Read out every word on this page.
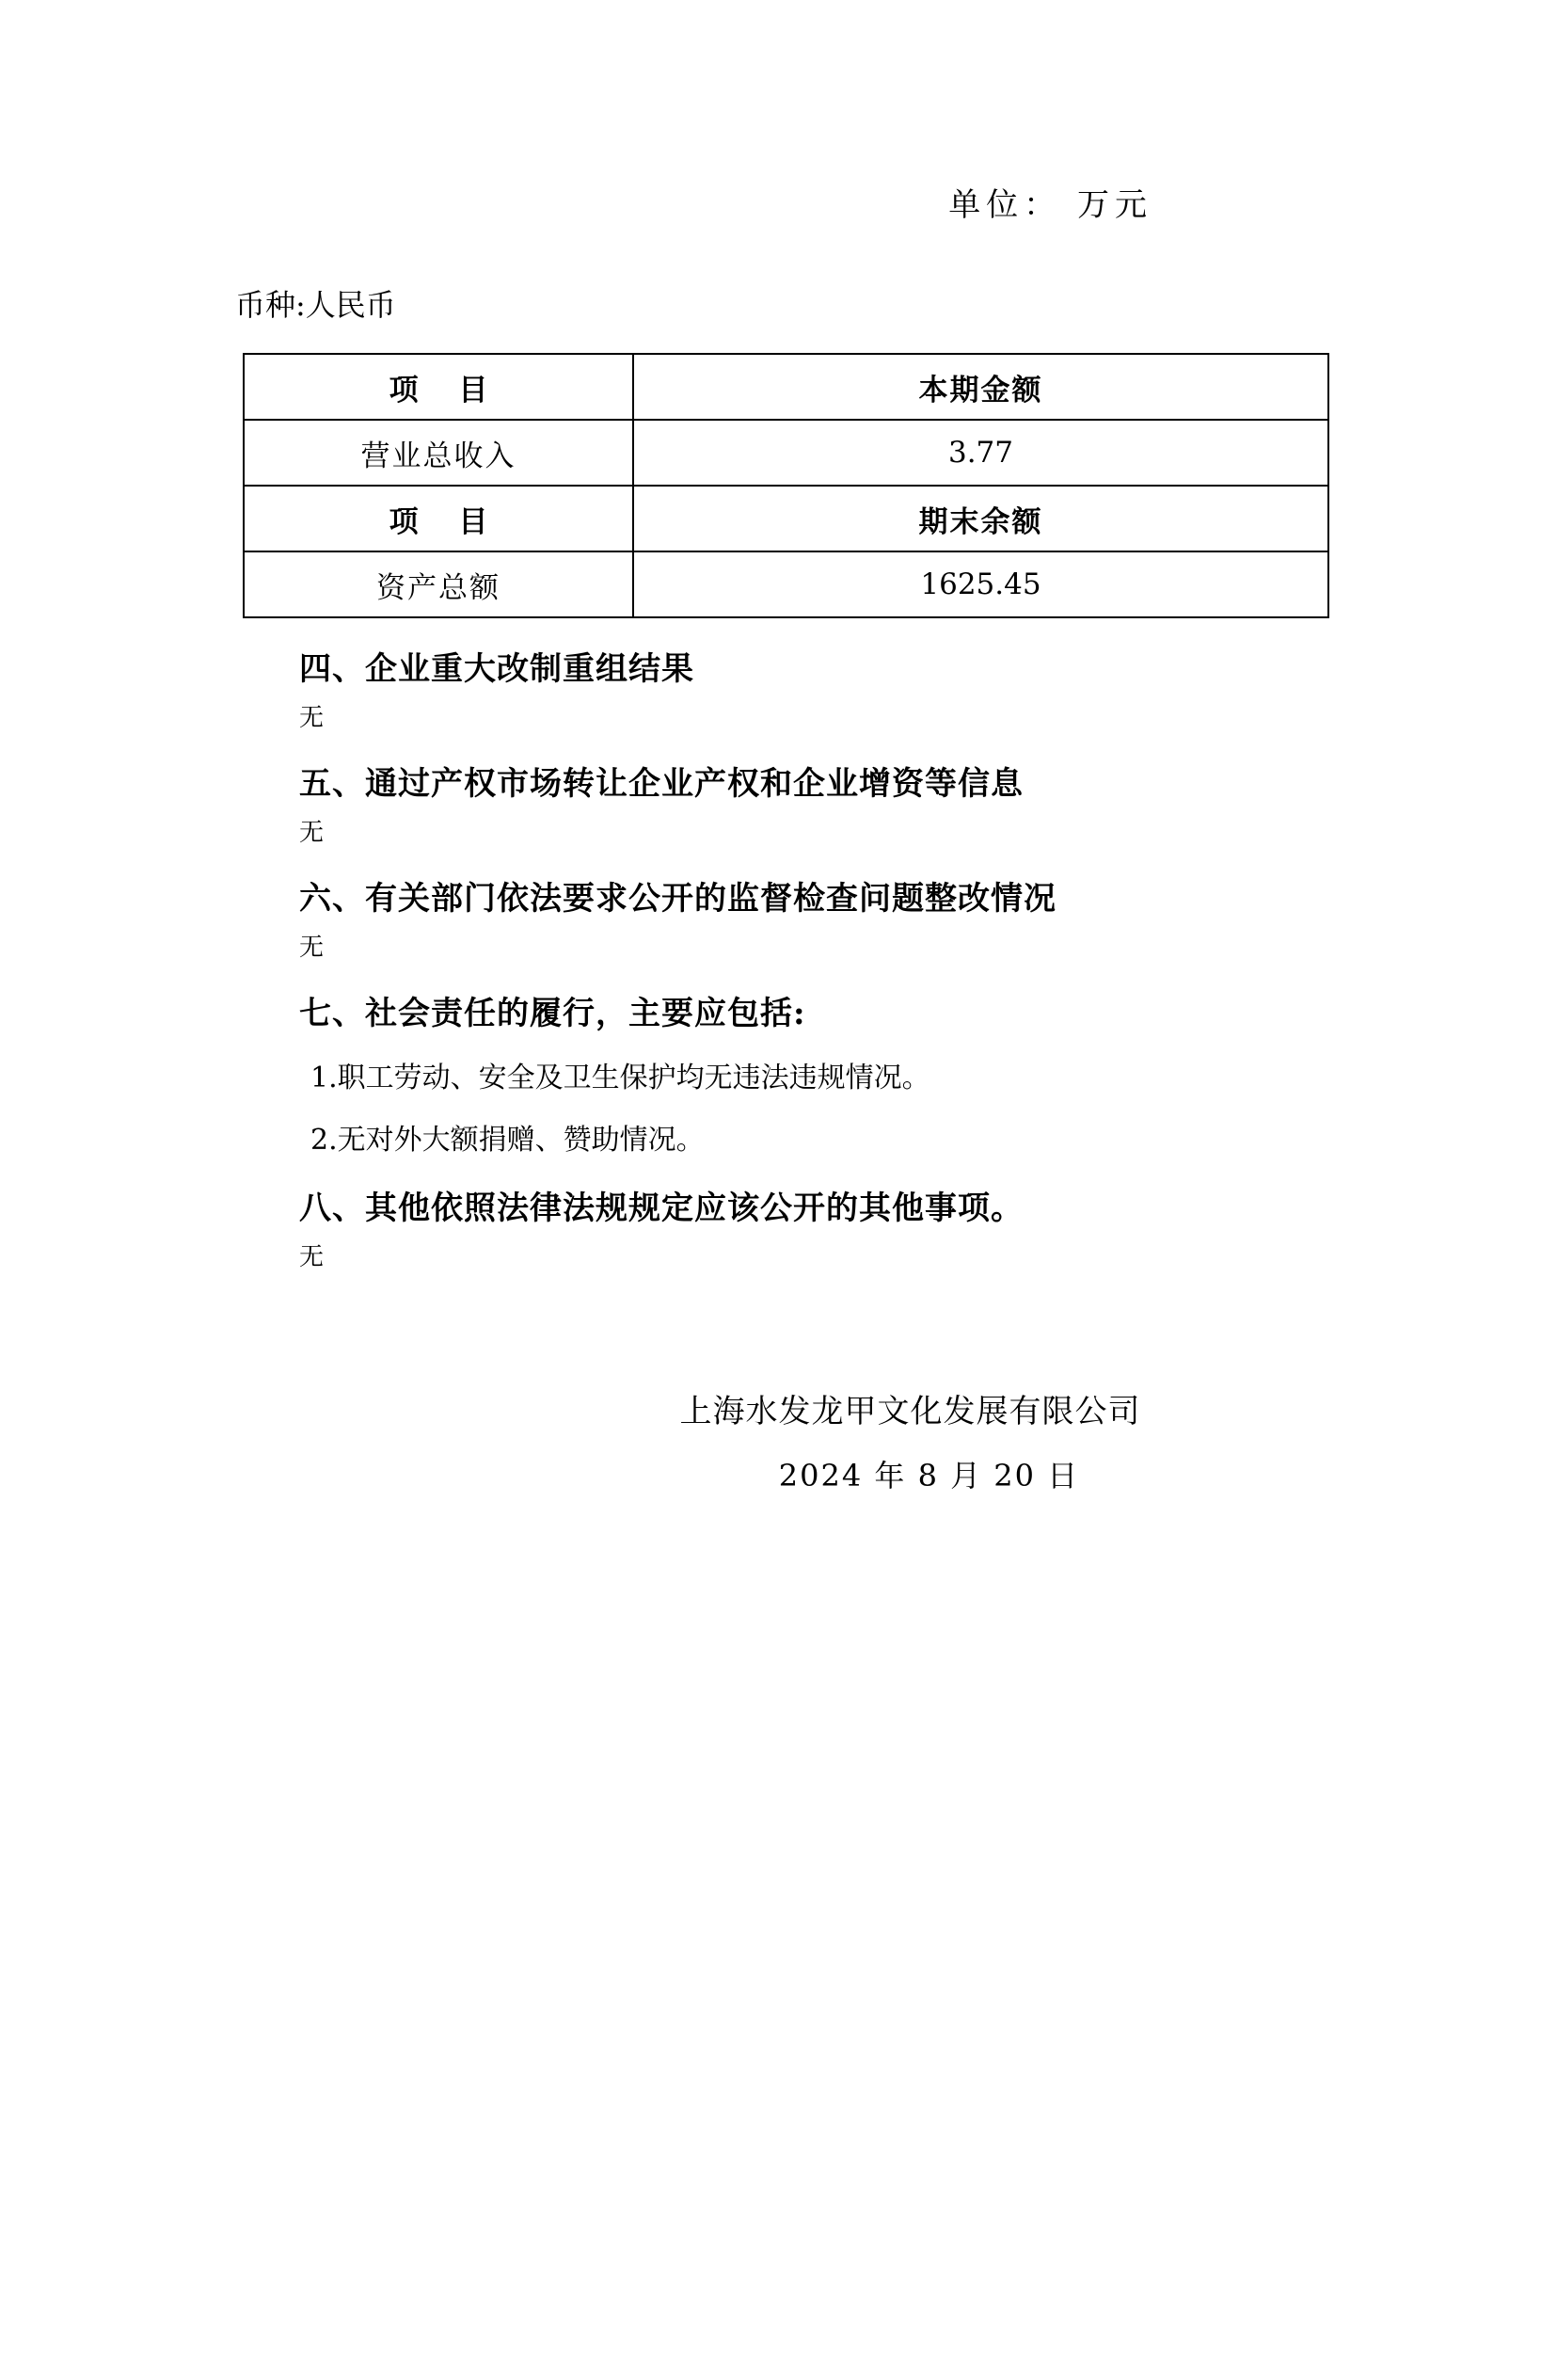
单位： 万元
币种:人民币
项 目	本期金额
营业总收入	3.77
项 目	期末余额
资产总额	1625.45
四、企业重大改制重组结果
无
五、通过产权市场转让企业产权和企业增资等信息
无
六、有关部门依法要求公开的监督检查问题整改情况
无
七、社会责任的履行，主要应包括:
1.职工劳动、安全及卫生保护均无违法违规情况。
2.无对外大额捐赠、赞助情况。
八、其他依照法律法规规定应该公开的其他事项。
无
上海水发龙甲文化发展有限公司
2024 年 8 月 20 日
